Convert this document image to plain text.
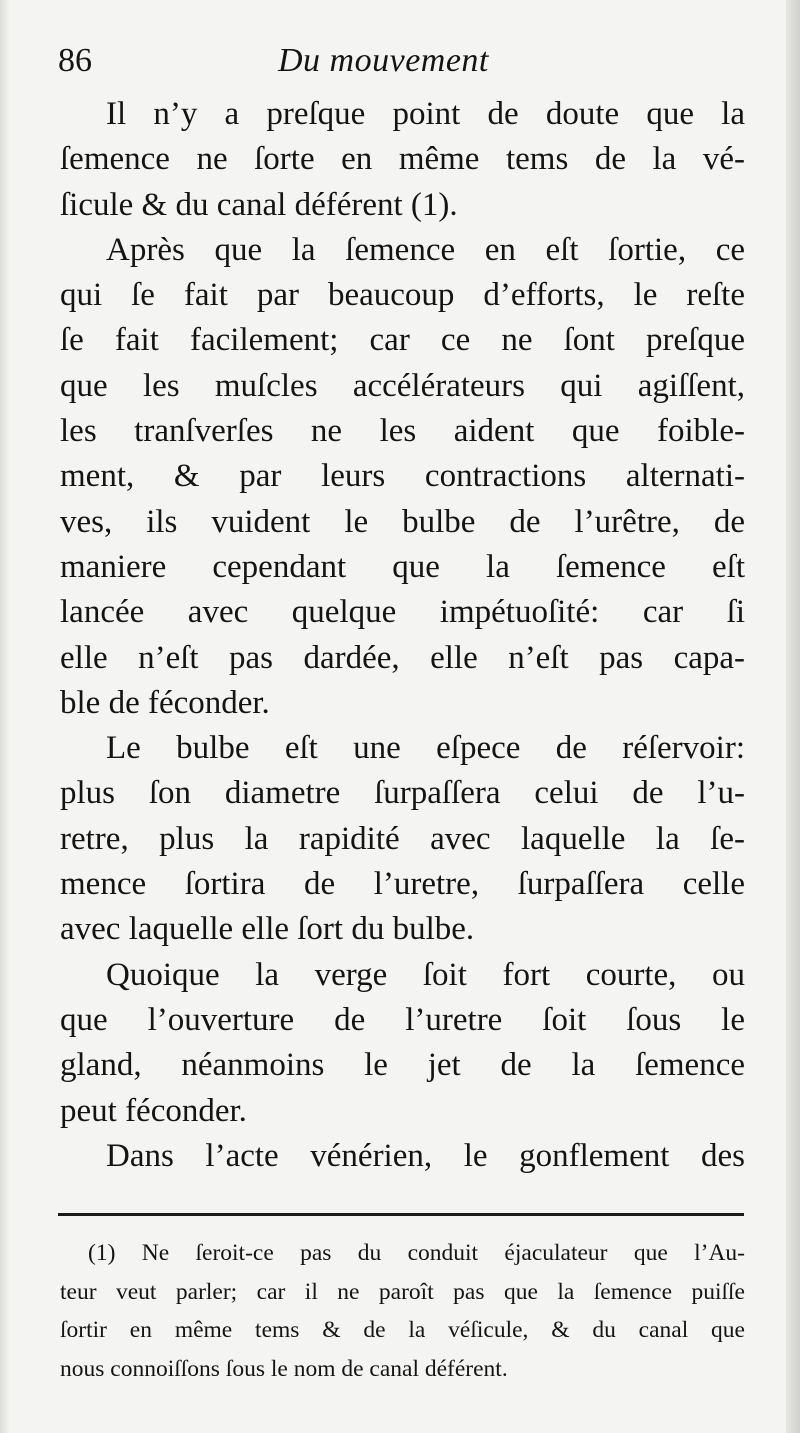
86	Du mouvement
Il n’y a preſque point de doute que la
ſemence ne ſorte en même tems de la vé-
ſicule & du canal déférent (1).
Après que la ſemence en eſt ſortie, ce
qui ſe fait par beaucoup d’efforts, le reſte
ſe fait facilement; car ce ne ſont preſque
que les muſcles accélérateurs qui agiſſent,
les tranſverſes ne les aident que foible-
ment, & par leurs contractions alternati-
ves, ils vuident le bulbe de l’urêtre, de
maniere cependant que la ſemence eſt
lancée avec quelque impétuoſité: car ſi
elle n’eſt pas dardée, elle n’eſt pas capa-
ble de féconder.
Le bulbe eſt une eſpece de réſervoir:
plus ſon diametre ſurpaſſera celui de l’u-
retre, plus la rapidité avec laquelle la ſe-
mence ſortira de l’uretre, ſurpaſſera celle
avec laquelle elle ſort du bulbe.
Quoique la verge ſoit fort courte, ou
que l’ouverture de l’uretre ſoit ſous le
gland, néanmoins le jet de la ſemence
peut féconder.
Dans l’acte vénérien, le gonflement des
(1) Ne ſeroit-ce pas du conduit éjaculateur que l’Au-
teur veut parler; car il ne paroît pas que la ſemence puiſſe
ſortir en même tems & de la véſicule, & du canal que
nous connoiſſons ſous le nom de canal déférent.
